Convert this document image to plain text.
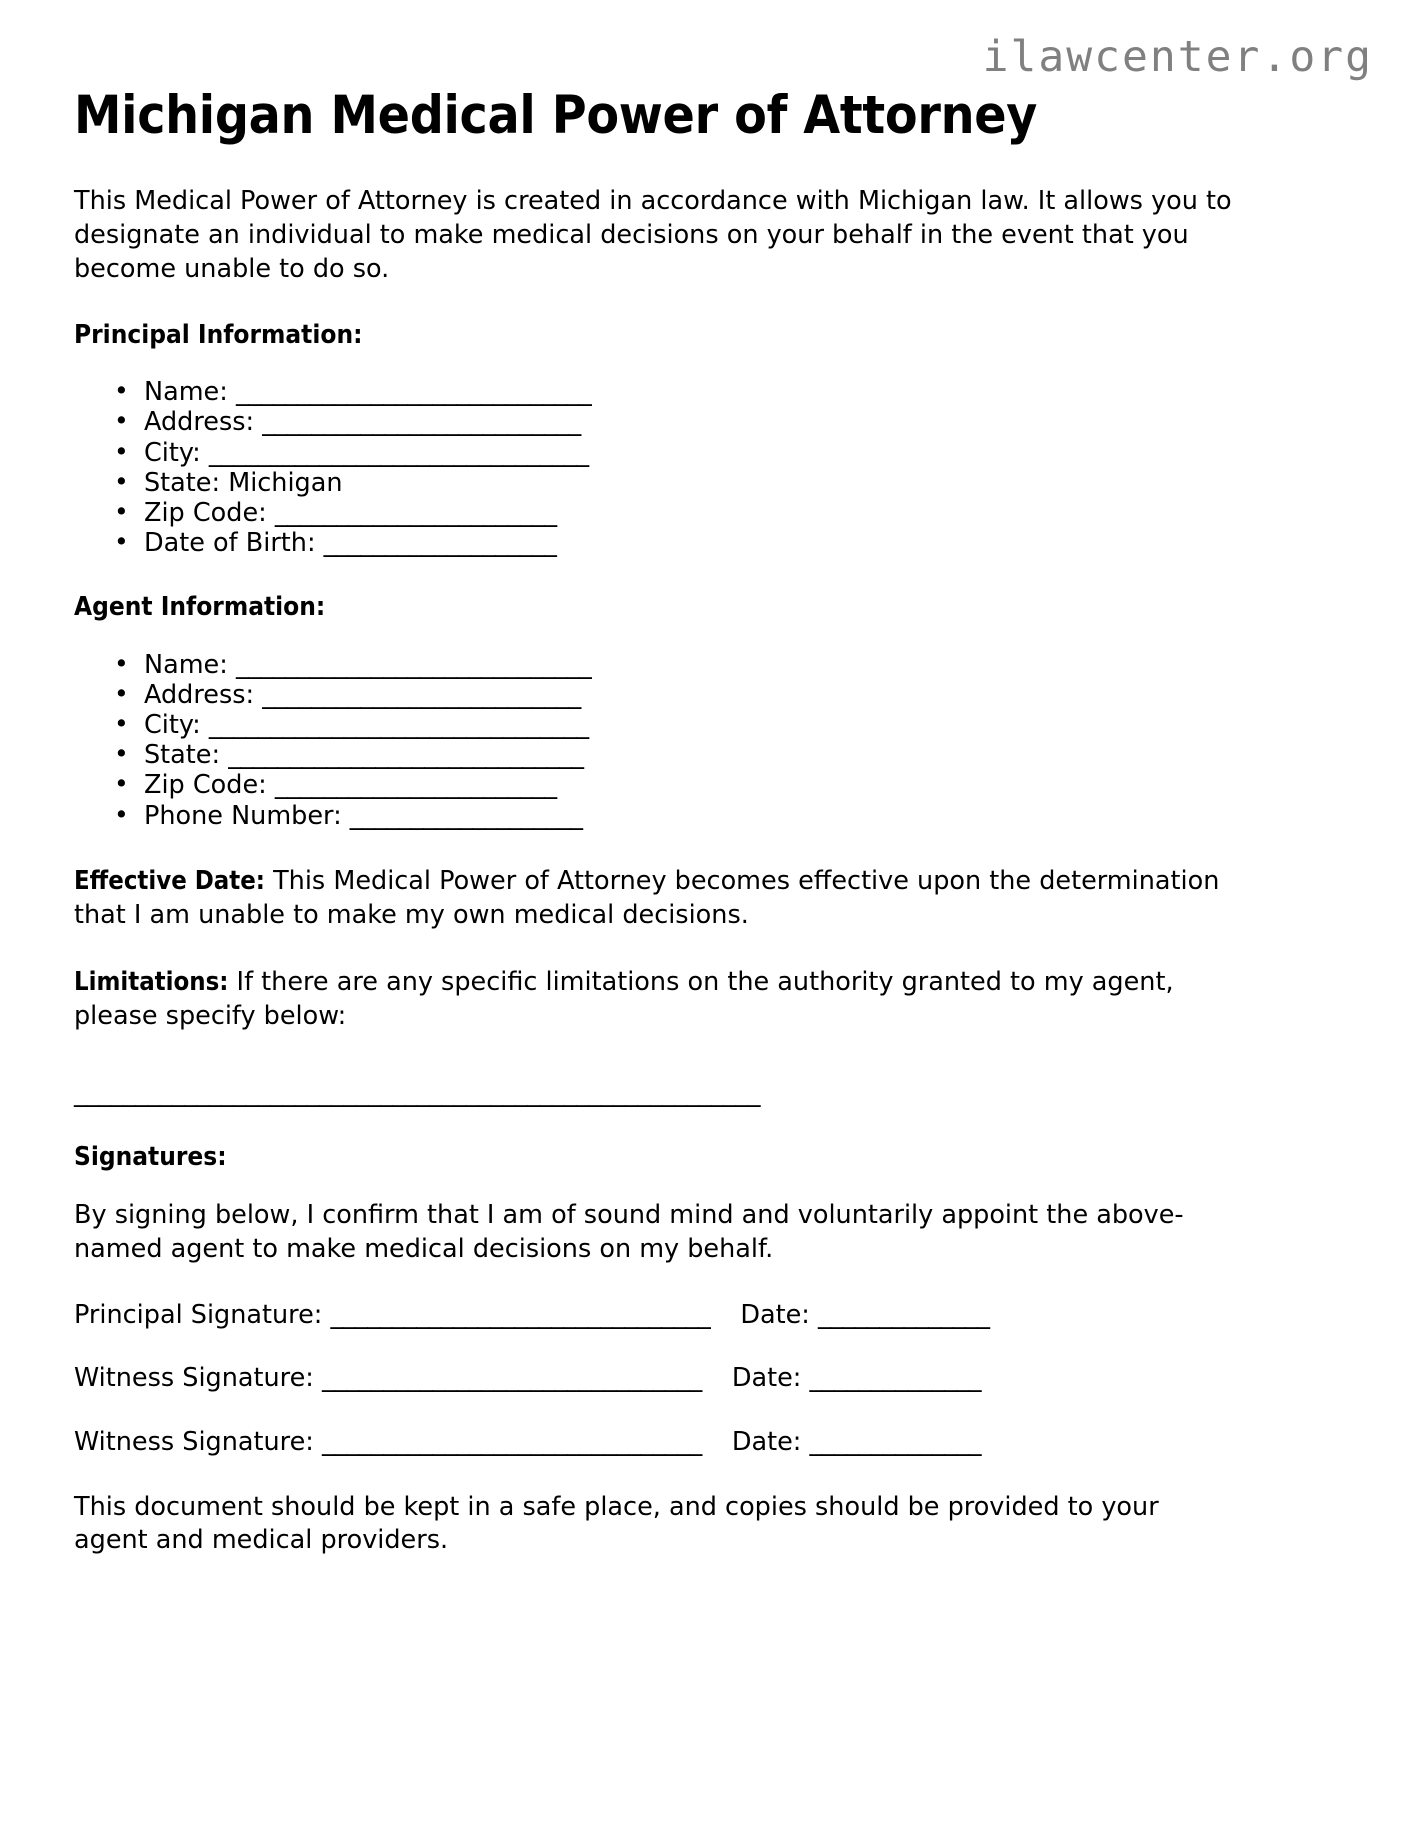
ilawcenter.org
Michigan Medical Power of Attorney

This Medical Power of Attorney is created in accordance with Michigan law. It allows you to designate an individual to make medical decisions on your behalf in the event that you become unable to do so.

Principal Information:
• Name: _____________________________
• Address: __________________________
• City: _______________________________
• State: Michigan
• Zip Code: _______________________
• Date of Birth: ___________________
Agent Information:
• Name: _____________________________
• Address: __________________________
• City: _______________________________
• State: _____________________________
• Zip Code: _______________________
• Phone Number: ___________________

Effective Date: This Medical Power of Attorney becomes effective upon the determination that I am unable to make my own medical decisions.

Limitations: If there are any specific limitations on the authority granted to my agent, please specify below:

________________________________________________________
Signatures:

By signing below, I confirm that I am of sound mind and voluntarily appoint the above-named agent to make medical decisions on my behalf.

Principal Signature: _______________________________ Date: ______________
Witness Signature: _______________________________ Date: ______________
Witness Signature: _______________________________ Date: ______________

This document should be kept in a safe place, and copies should be provided to your agent and medical providers.
